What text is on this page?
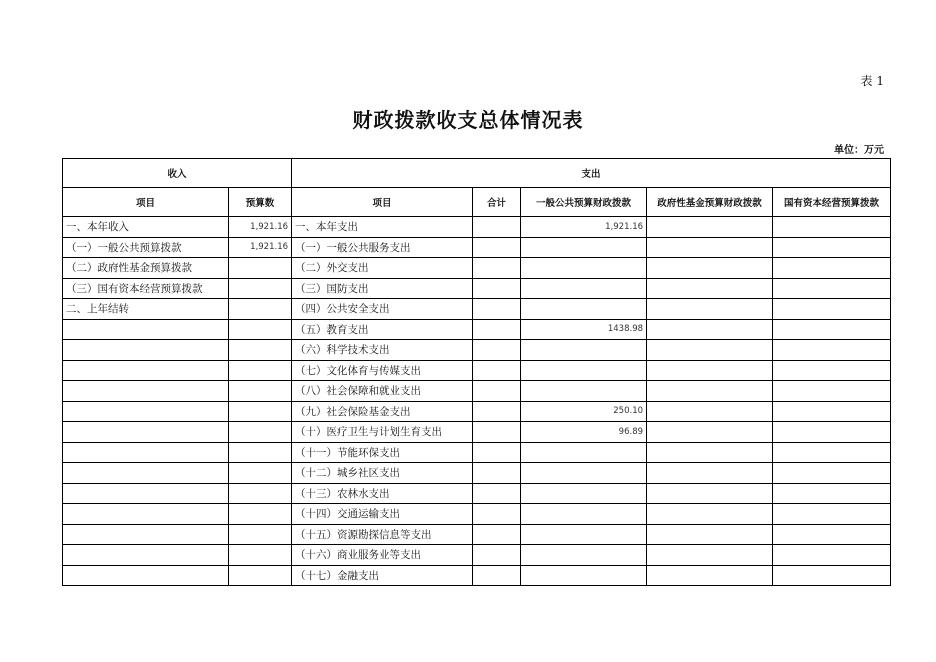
表 1
财政拨款收支总体情况表
单位：万元
收入		支出				
项目	预算数	项目	合计	一般公共预算财政拨款	政府性基金预算财政拨款	国有资本经营预算拨款
一、本年收入	1,921.16	一、本年支出		1,921.16		
（一）一般公共预算拨款	1,921.16	（一）一般公共服务支出				
（二）政府性基金预算拨款		（二）外交支出				
（三）国有资本经营预算拨款		（三）国防支出				
二、上年结转		（四）公共安全支出				
		（五）教育支出		1438.98		
		（六）科学技术支出				
		（七）文化体育与传媒支出				
		（八）社会保障和就业支出				
		（九）社会保险基金支出		250.10		
		（十）医疗卫生与计划生育支出		96.89		
		（十一）节能环保支出				
		（十二）城乡社区支出				
		（十三）农林水支出				
		（十四）交通运输支出				
		（十五）资源勘探信息等支出				
		（十六）商业服务业等支出				
		（十七）金融支出				
